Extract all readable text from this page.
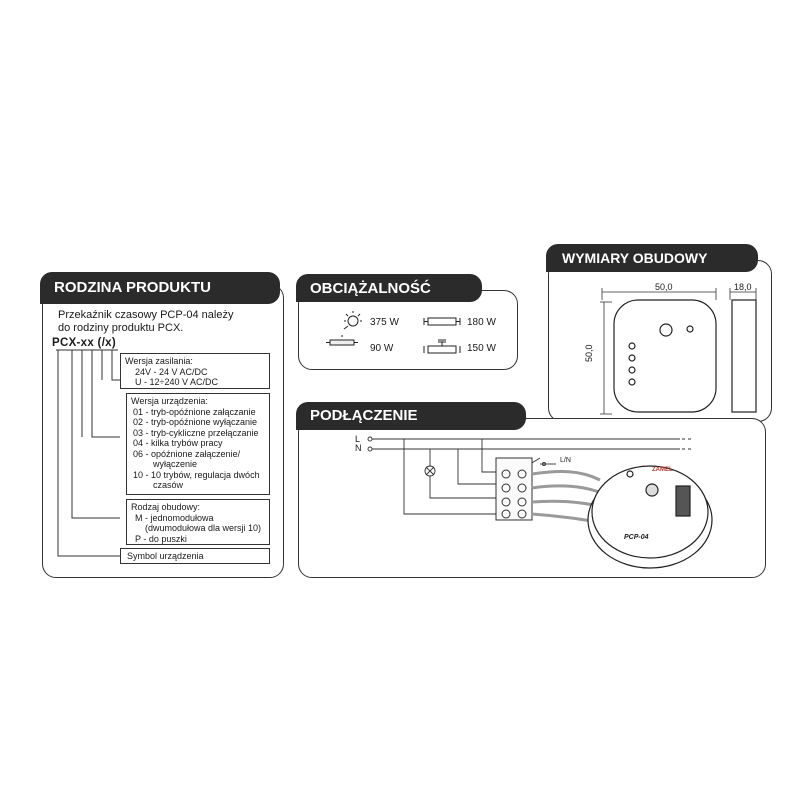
RODZINA PRODUKTU
Przekaźnik czasowy PCP-04 należy
do rodziny produktu PCX.
PCX-xx (/x)
Wersja zasilania:
24V - 24 V AC/DC
U - 12÷240 V AC/DC
Wersja urządzenia:
01 - tryb-opóźnione załączanie
02 - tryb-opóźnione wyłączanie
03 - tryb-cykliczne przełączanie
04 - kilka trybów pracy
06 - opóźnione załączenie/
wyłączenie
10 - 10 trybów, regulacja dwóch
czasów
Rodzaj obudowy:
M - jednomodułowa
(dwumodułowa dla wersji 10)
P - do puszki
Symbol urządzenia
OBCIĄŻALNOŚĆ
375 W	180 W
90 W	150 W
WYMIARY OBUDOWY
50,0	18,0
50,0
PODŁĄCZENIE
L
N
L/N
PCP-04
ZAMEL
